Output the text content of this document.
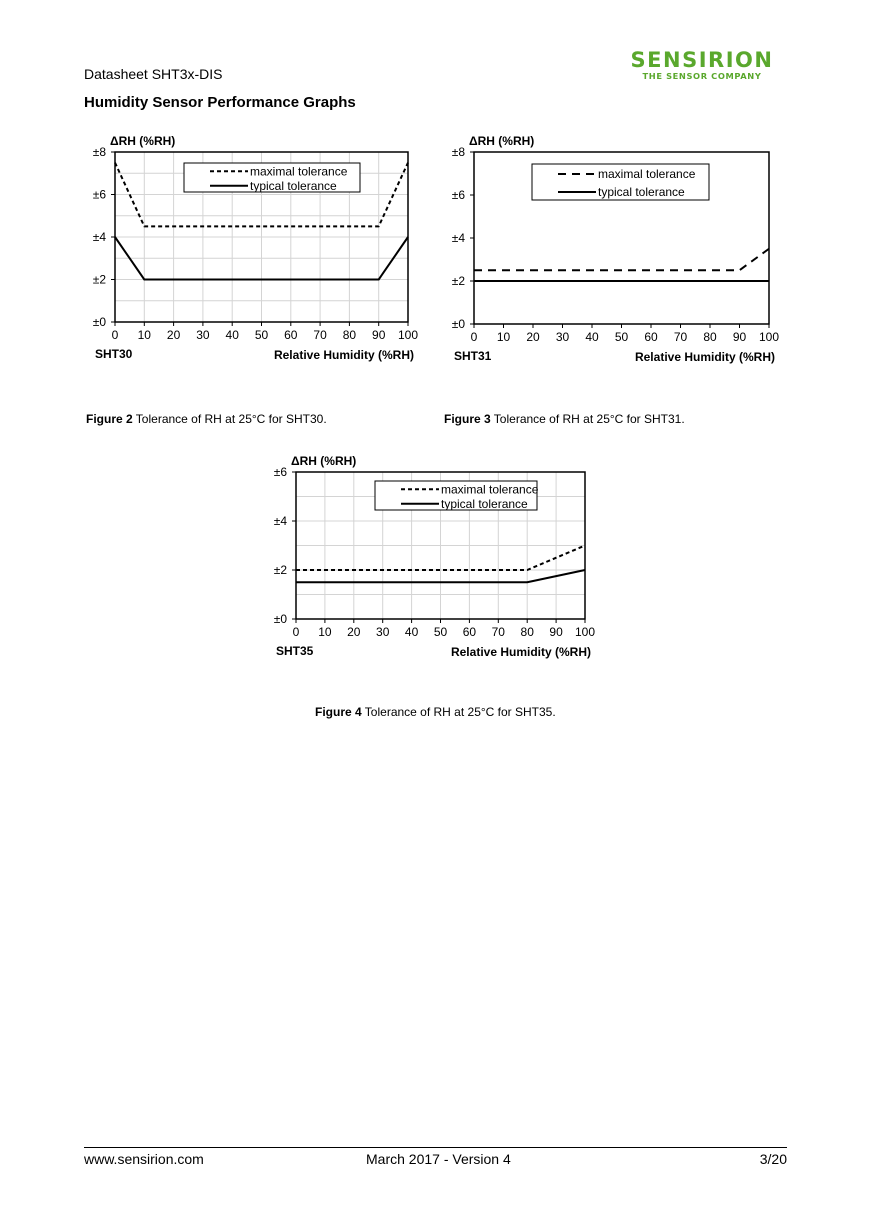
Datasheet SHT3x-DIS
SENSIRION
THE SENSOR COMPANY
Humidity Sensor Performance Graphs
0 10 20 30 40 50 60 70 80 90 100
±0
±2
±4
±6
±8
ΔRH (%RH)
Relative Humidity (%RH)
SHT30
maximal tolerance
typical tolerance
0 10 20 30 40 50 60 70 80 90 100
±0
±2
±4
±6
±8
ΔRH (%RH)
Relative Humidity (%RH)
SHT31
maximal tolerance
typical tolerance
0 10 20 30 40 50 60 70 80 90 100
±0
±2
±4
±6
ΔRH (%RH)
Relative Humidity (%RH)
SHT35
maximal tolerance
typical tolerance
Figure 2 Tolerance of RH at 25°C for SHT30.	Figure 3 Tolerance of RH at 25°C for SHT31.
Figure 4 Tolerance of RH at 25°C for SHT35.
www.sensirion.com	March 2017 - Version 4	3/20
